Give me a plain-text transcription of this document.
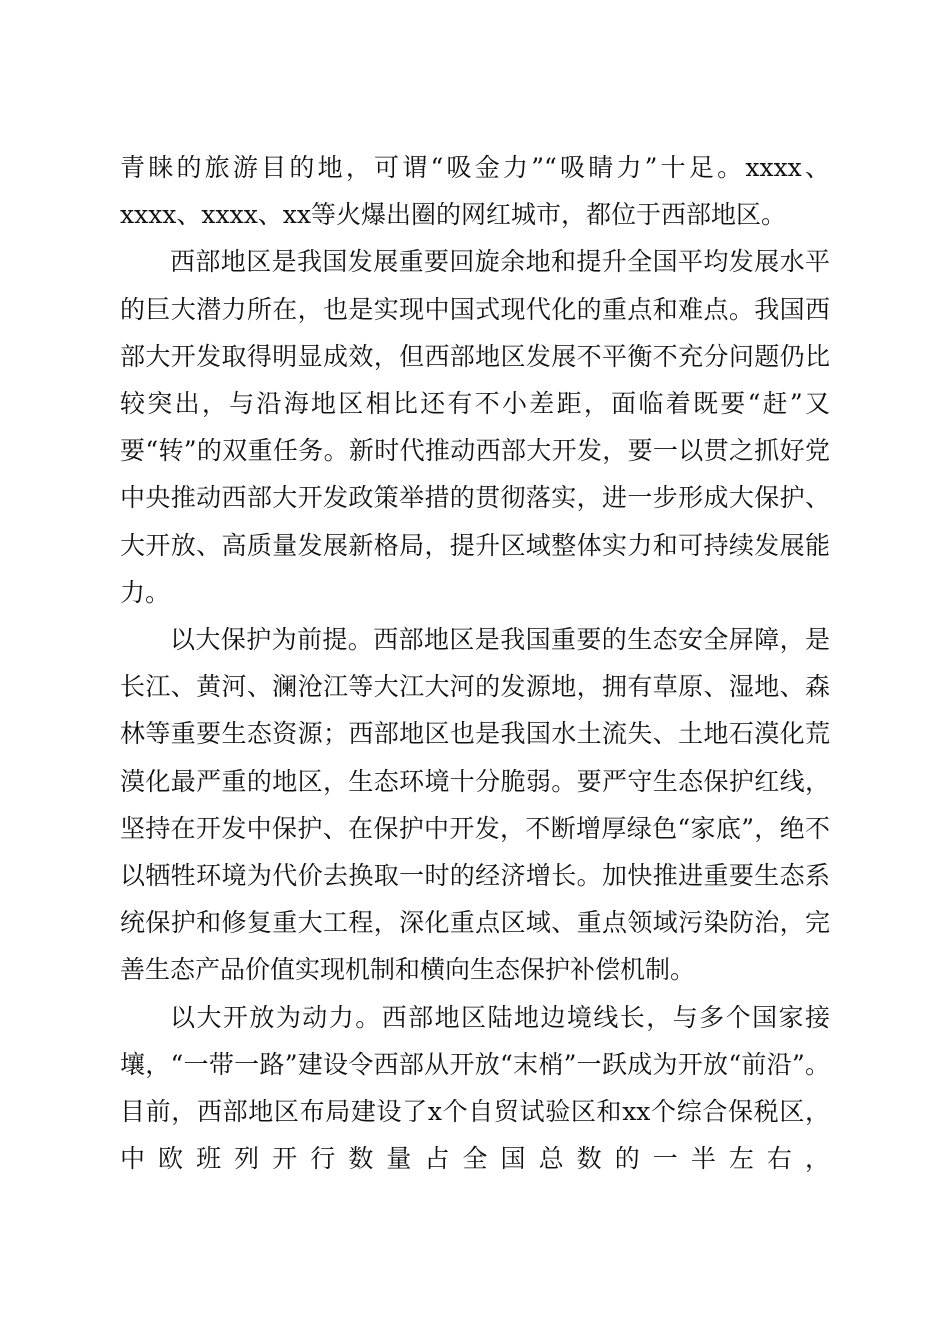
青睐的旅游目的地，可谓“吸金力”“吸睛力”十足。xxxx、xxxx、xxxx、xx等火爆出圈的网红城市，都位于西部地区。

西部地区是我国发展重要回旋余地和提升全国平均发展水平的巨大潜力所在，也是实现中国式现代化的重点和难点。我国西部大开发取得明显成效，但西部地区发展不平衡不充分问题仍比较突出，与沿海地区相比还有不小差距，面临着既要“赶”又要“转”的双重任务。新时代推动西部大开发，要一以贯之抓好党中央推动西部大开发政策举措的贯彻落实，进一步形成大保护、大开放、高质量发展新格局，提升区域整体实力和可持续发展能力。

以大保护为前提。西部地区是我国重要的生态安全屏障，是长江、黄河、澜沧江等大江大河的发源地，拥有草原、湿地、森林等重要生态资源；西部地区也是我国水土流失、土地石漠化荒漠化最严重的地区，生态环境十分脆弱。要严守生态保护红线，坚持在开发中保护、在保护中开发，不断增厚绿色“家底”，绝不以牺牲环境为代价去换取一时的经济增长。加快推进重要生态系统保护和修复重大工程，深化重点区域、重点领域污染防治，完善生态产品价值实现机制和横向生态保护补偿机制。

以大开放为动力。西部地区陆地边境线长，与多个国家接壤，“一带一路”建设令西部从开放“末梢”一跃成为开放“前沿”。目前，西部地区布局建设了x个自贸试验区和xx个综合保税区，中欧班列开行数量占全国总数的一半左右，
